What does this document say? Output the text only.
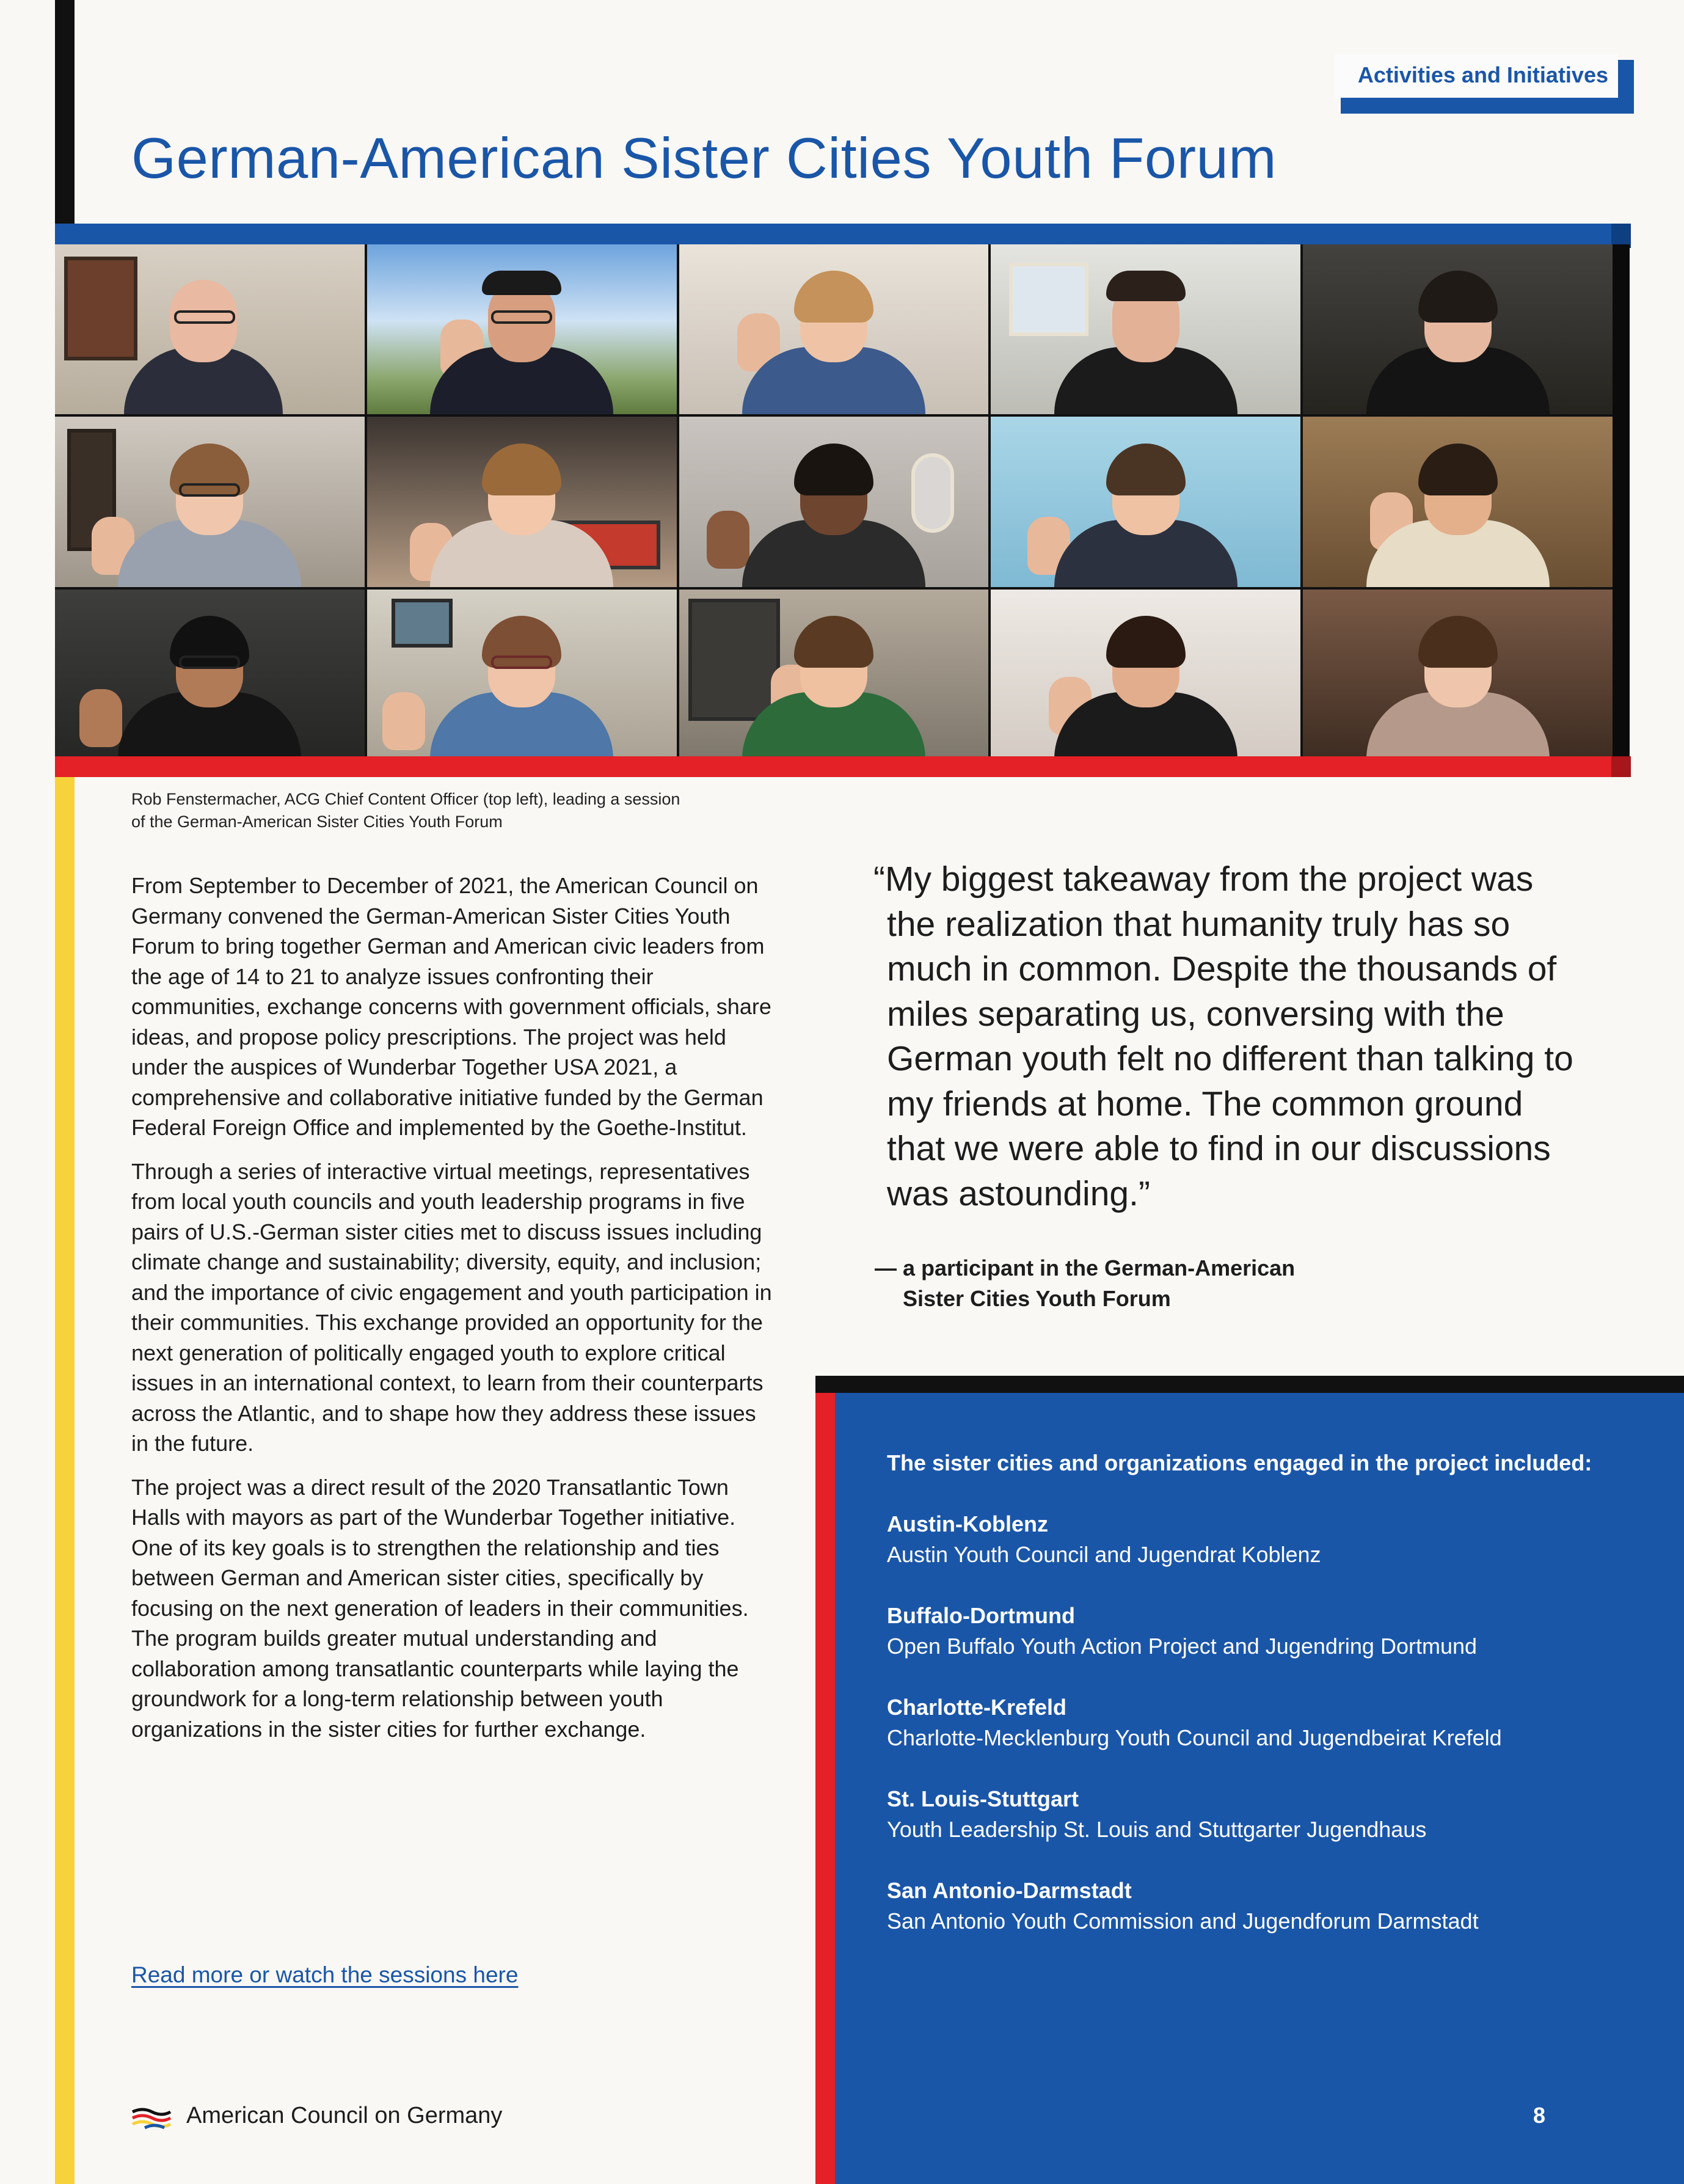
Activities and Initiatives
German-American Sister Cities Youth Forum
Rob Fenstermacher, ACG Chief Content Officer (top left), leading a session
of the German-American Sister Cities Youth Forum

From September to December of 2021, the American Council on Germany convened the German-American Sister Cities Youth Forum to bring together German and American civic leaders from the age of 14 to 21 to analyze issues confronting their communities, exchange concerns with government officials, share ideas, and propose policy prescriptions. The project was held under the auspices of Wunderbar Together USA 2021, a comprehensive and collaborative initiative funded by the German Federal Foreign Office and implemented by the Goethe-Institut.

Through a series of interactive virtual meetings, representatives from local youth councils and youth leadership programs in five pairs of U.S.-German sister cities met to discuss issues including climate change and sustainability; diversity, equity, and inclusion; and the importance of civic engagement and youth participation in their communities. This exchange provided an opportunity for the next generation of politically engaged youth to explore critical issues in an international context, to learn from their counterparts across the Atlantic, and to shape how they address these issues in the future.

The project was a direct result of the 2020 Transatlantic Town Halls with mayors as part of the Wunderbar Together initiative. One of its key goals is to strengthen the relationship and ties between German and American sister cities, specifically by focusing on the next generation of leaders in their communities. The program builds greater mutual understanding and collaboration among transatlantic counterparts while laying the groundwork for a long-term relationship between youth organizations in the sister cities for further exchange.

Read more or watch the sessions here
“My biggest takeaway from the project was the realization that humanity truly has so much in common. Despite the thousands of miles separating us, conversing with the German youth felt no different than talking to my friends at home. The common ground that we were able to find in our discussions was astounding.”
— a participant in the German-American
Sister Cities Youth Forum
The sister cities and organizations engaged in the project included:
Austin-Koblenz
Austin Youth Council and Jugendrat Koblenz
Buffalo-Dortmund
Open Buffalo Youth Action Project and Jugendring Dortmund
Charlotte-Krefeld
Charlotte-Mecklenburg Youth Council and Jugendbeirat Krefeld
St. Louis-Stuttgart
Youth Leadership St. Louis and Stuttgarter Jugendhaus
San Antonio-Darmstadt
San Antonio Youth Commission and Jugendforum Darmstadt
American Council on Germany	8
